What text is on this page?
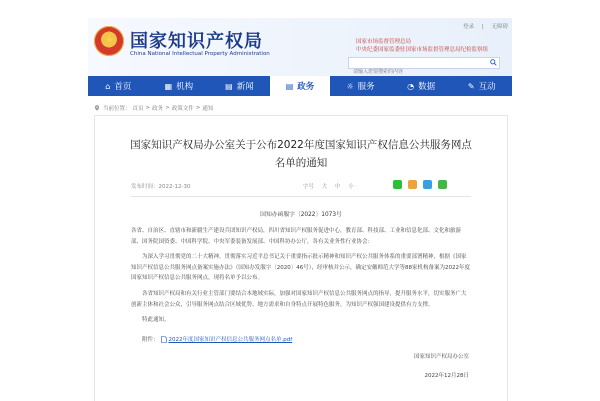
★
国家知识产权局
China National Intellectual Property Administration
登录 | 无障碍
国家市场监督管理总局
中央纪委国家监委驻国家市场监督管理总局纪检监察组
请输入您要搜索的内容
⌂ 首页	▦ 机构	▤ 新闻	▤ 政务	☼ 服务	◔ 数据	✎ 互动
当前位置： 首页 > 政务 > 政策文件 > 通知
国家知识产权局办公室关于公布2022年度国家知识产权信息公共服务网点名单的通知
发布时间：2022-12-30	字号 大 中 小
国知办函服字〔2022〕1073号
各省、自治区、直辖市和新疆生产建设兵团知识产权局，四川省知识产权服务促进中心，教育部、科技部、工业和信息化部、文化和旅游部、国务院国资委、中国科学院、中央军委装备发展部、中国科协办公厅，各有关业务性行业协会：
为深入学习贯彻党的二十大精神，贯彻落实习近平总书记关于重要指示批示精神和知识产权公共服务体系的重要部署精神，根据《国家知识产权信息公共服务网点备案实施办法》（国知办发服字〔2020〕46号），经审核并公示，确定安徽师范大学等88家机构备案为2022年度国家知识产权信息公共服务网点，现将名单予以公布。
各省知识产权局和有关行业主管部门要结合本地域实际，加强对国家知识产权信息公共服务网点的指导，提升服务水平，切实服务广大创新主体和社会公众，引导服务网点结合区域优势、地方需求和自身特点开展特色服务，为知识产权强国建设提供有力支撑。
特此通知。
附件： 2022年度国家知识产权信息公共服务网点名单.pdf
国家知识产权局办公室
2022年12月28日
